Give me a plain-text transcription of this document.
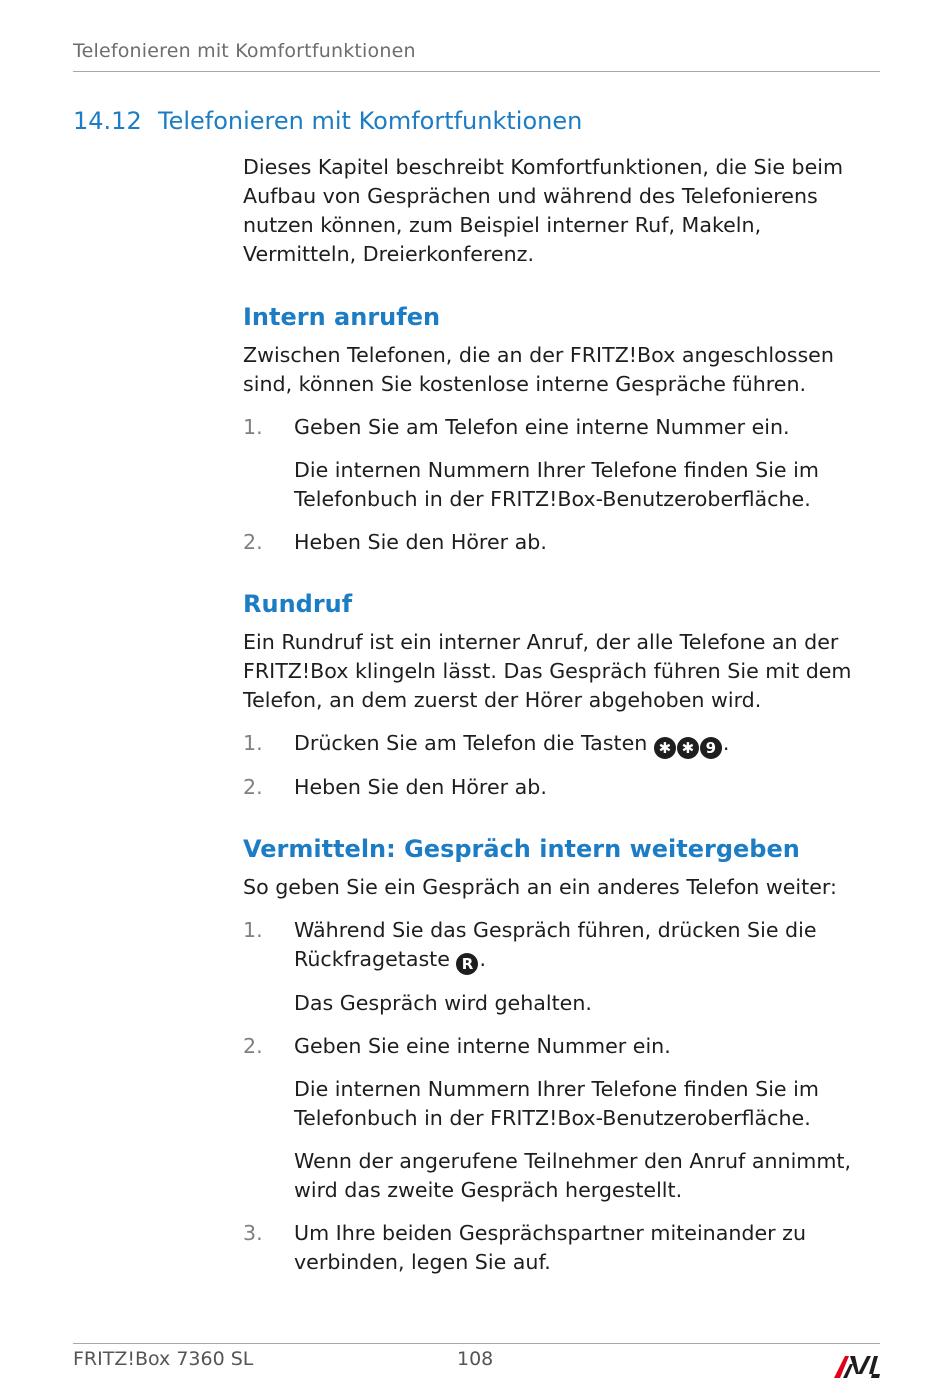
Telefonieren mit Komfortfunktionen
14.12 Telefonieren mit Komfortfunktionen

Dieses Kapitel beschreibt Komfortfunktionen, die Sie beim Aufbau von Gesprächen und während des Telefonierens nutzen können, zum Beispiel interner Ruf, Makeln, Vermitteln, Dreierkonferenz.

Intern anrufen

Zwischen Telefonen, die an der FRITZ!Box angeschlossen sind, können Sie kostenlose interne Gespräche führen.

1. Geben Sie am Telefon eine interne Nummer ein.
Die internen Nummern Ihrer Telefone finden Sie im Telefonbuch in der FRITZ!Box-Benutzeroberfläche.
2. Heben Sie den Hörer ab.
Rundruf

Ein Rundruf ist ein interner Anruf, der alle Telefone an der FRITZ!Box klingeln lässt. Das Gespräch führen Sie mit dem Telefon, an dem zuerst der Hörer abgehoben wird.

1. Drücken Sie am Telefon die Tasten ✱ ✱ 9 .
2. Heben Sie den Hörer ab.
Vermitteln: Gespräch intern weitergeben

So geben Sie ein Gespräch an ein anderes Telefon weiter:

1. Während Sie das Gespräch führen, drücken Sie die Rückfragetaste R .
Das Gespräch wird gehalten.
2. Geben Sie eine interne Nummer ein.
Die internen Nummern Ihrer Telefone finden Sie im Telefonbuch in der FRITZ!Box-Benutzeroberfläche.
Wenn der angerufene Teilnehmer den Anruf annimmt, wird das zweite Gespräch hergestellt.
3. Um Ihre beiden Gesprächspartner miteinander zu verbinden, legen Sie auf.
FRITZ!Box 7360 SL	108
